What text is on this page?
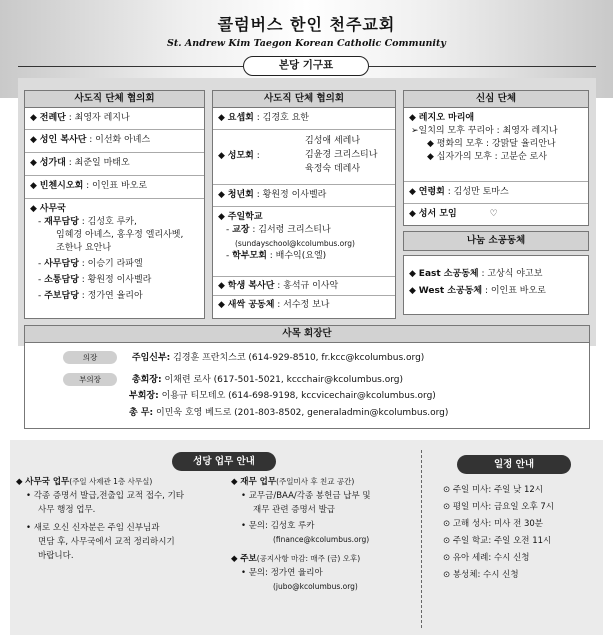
콜럼버스 한인 천주교회
St. Andrew Kim Taegon Korean Catholic Community
본당 기구표
사도직 단체 협의회
◆ 전례단 : 최영자 레지나
◆ 성인 복사단 : 이선화 아녜스
◆ 성가대 : 최준일 마태오
◆ 빈첸시오회 : 이인표 바오로
◆ 사무국
- 재무담당 : 김성호 루카,
임혜경 아녜스, 홍우정 엘리사벳,
조한나 요안나
- 사무담당 : 이승기 라파엘
- 소통담당 : 황원정 이사벨라
- 주보담당 : 정가연 율리아
사도직 단체 협의회
◆ 요셉회 : 김경호 요한
◆ 성모회 :
김성애 세레나
김윤경 크리스티나
육정숙 데레사
◆ 청년회 : 황원정 이사벨라
◆ 주일학교
- 교장 : 김서령 크리스티나
(sundayschool@kcolumbus.org)
- 학부모회 : 배수익(요엘)
◆ 학생 복사단 : 홍석규 이사악
◆ 새싹 공동체 : 서수정 보나
신심 단체
◆ 레지오 마리애
➢일치의 모후 꾸리아 : 최영자 레지나
◆ 평화의 모후 : 강맑달 율리안나
◆ 십자가의 모후 : 고분순 로사
◆ 연령회 : 김성만 토마스
◆ 성서 모임	♡
나눔 소공동체
◆ East 소공동체 : 고상식 야고보
◆ West 소공동체 : 이인표 바오로
사목 회장단
의장	주임신부: 김경훈 프란치스코 (614-929-8510, fr.kcc@kcolumbus.org)
부의장	총회장: 이채련 로사 (617-501-5021, kccchair@kcolumbus.org)
부회장: 이용규 티모테오 (614-698-9198, kccvicechair@kcolumbus.org)
총 무: 이민욱 호영 베드로 (201-803-8502, generaladmin@kcolumbus.org)
성당 업무 안내
◆ 사무국 업무(주일 사제관 1층 사무실)
• 각종 증명서 발급,전출입 교적 접수, 기타
사무 행정 업무.
• 새로 오신 신자분은 주임 신부님과
면담 후, 사무국에서 교적 정리하시기
바랍니다.
◆ 재무 업무(주일미사 후 친교 공간)
• 교무금/BAA/각종 봉헌금 납부 및
재무 관련 증명서 발급
• 문의: 김성호 루카
(finance@kcolumbus.org)
◆ 주보(공지사항 마감: 매주 (금) 오후)
• 문의: 정가연 율리아
(jubo@kcolumbus.org)
일정 안내
⊙ 주일 미사: 주일 낮 12시
⊙ 평일 미사: 금요일 오후 7시
⊙ 고해 성사: 미사 전 30분
⊙ 주일 학교: 주일 오전 11시
⊙ 유아 세례: 수시 신청
⊙ 봉성체: 수시 신청
